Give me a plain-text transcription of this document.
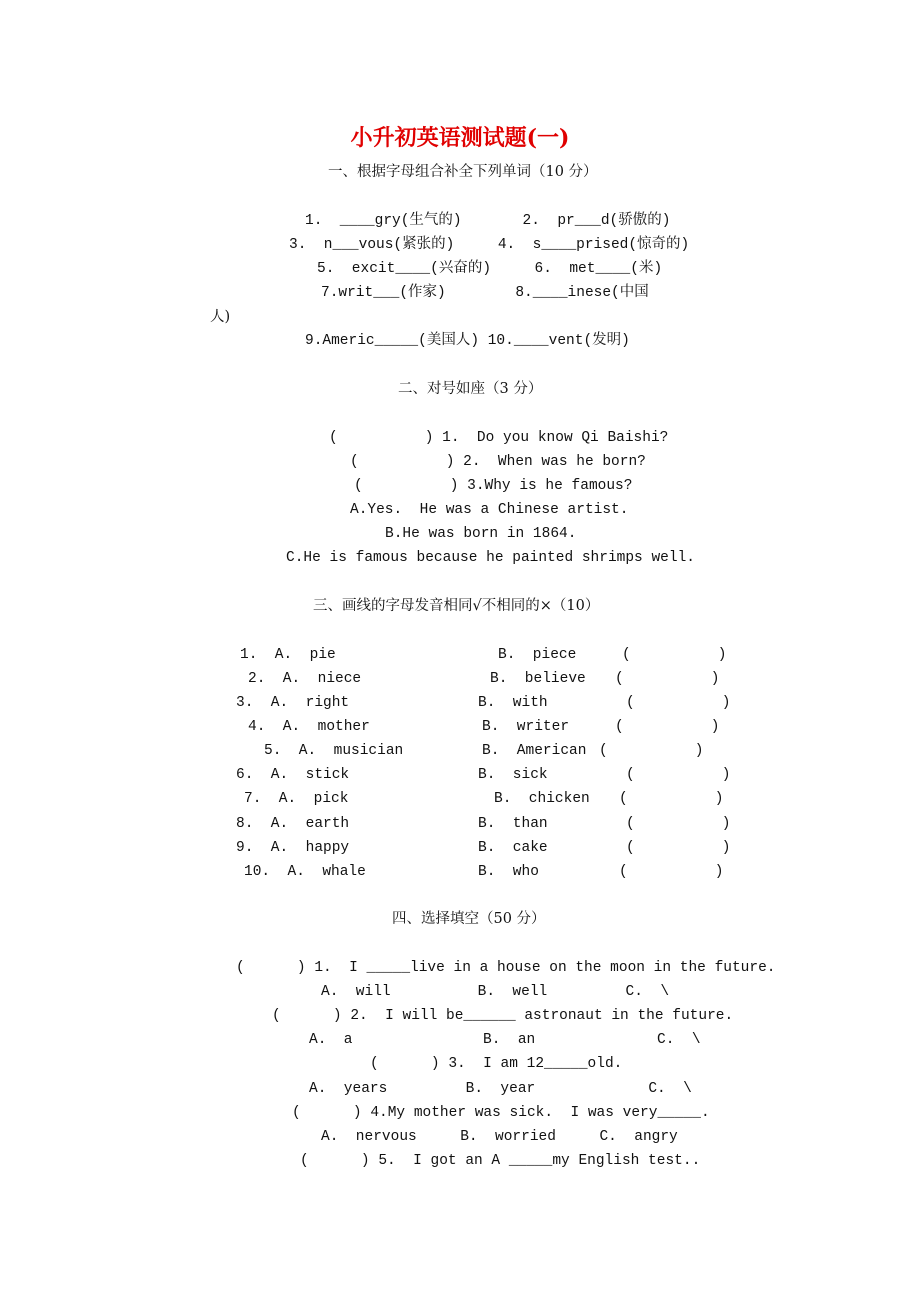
小升初英语测试题(一)
一、根据字母组合补全下列单词（10 分）
1.  ____gry(生气的)       2.  pr___d(骄傲的)
3.  n___vous(紧张的)     4.  s____prised(惊奇的)
5.  excit____(兴奋的)     6.  met____(米)
7.writ___(作家)        8.____inese(中国
人)
9.Americ_____(美国人) 10.____vent(发明)
二、对号如座（3 分）
(          ) 1.  Do you know Qi Baishi?
(          ) 2.  When was he born?
(          ) 3.Why is he famous?
A.Yes.  He was a Chinese artist.
B.He was born in 1864.
C.He is famous because he painted shrimps well.
三、画线的字母发音相同√不相同的×（10）
1.  A.  pie	B.  piece	(          )
2.  A.  niece	B.  believe (          )
3.  A.  right	B.  with	(          )
4.  A.  mother	B.  writer	(          )
5.  A.  musician	B.  American (          )
6.  A.  stick	B.  sick	(          )
7.  A.  pick	B.  chicken (          )
8.  A.  earth	B.  than	(          )
9.  A.  happy	B.  cake	(          )
10.  A.  whale	B.  who	(          )
四、选择填空（50 分）
(      ) 1.  I _____live in a house on the moon in the future.
A.  will          B.  well         C.  \
(      ) 2.  I will be______ astronaut in the future.
A.  a               B.  an              C.  \
(      ) 3.  I am 12_____old.
A.  years         B.  year             C.  \
(      ) 4.My mother was sick.  I was very_____.
A.  nervous     B.  worried     C.  angry
(      ) 5.  I got an A _____my English test..
